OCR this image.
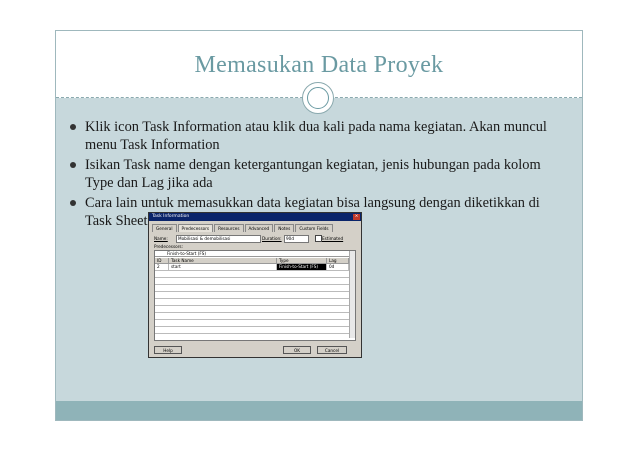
Memasukan Data Proyek
Klik icon Task Information atau klik dua kali pada nama kegiatan. Akan muncul menu Task Information
Isikan Task name dengan ketergantungan kegiatan, jenis hubungan pada kolom Type dan Lag jika ada
Cara lain untuk memasukkan data kegiatan bisa langsung dengan diketikkan di Task Sheet Task Information	×
General	Predecessors	Resources	Advanced	Notes	Custom Fields
Name:	Mobilisasi & demobilisasi	Duration:	90d	Estimated
Predecessors:
Finish-to-Start (FS)
ID	Task Name	Type	Lag
2	start	Finish-to-Start (FS)	0d
Help	OK	Cancel
